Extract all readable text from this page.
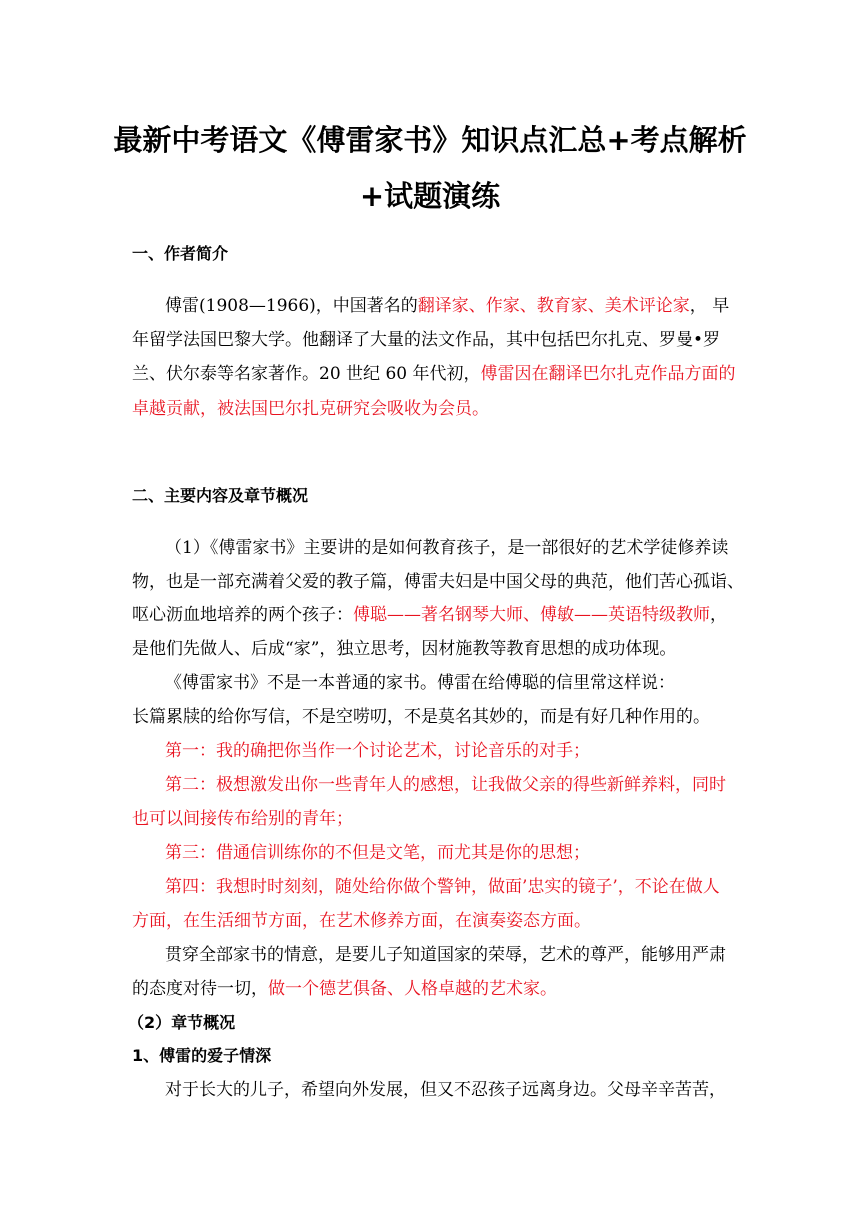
最新中考语文《傅雷家书》知识点汇总+考点解析+试题演练
一、作者简介
傅雷(1908—1966)，中国著名的翻译家、作家、教育家、美术评论家， 早
年留学法国巴黎大学。他翻译了大量的法文作品，其中包括巴尔扎克、罗曼•罗
兰、伏尔泰等名家著作。20 世纪 60 年代初，傅雷因在翻译巴尔扎克作品方面的
卓越贡献，被法国巴尔扎克研究会吸收为会员。
二、主要内容及章节概况
（1）《傅雷家书》主要讲的是如何教育孩子，是一部很好的艺术学徒修养读
物，也是一部充满着父爱的教子篇，傅雷夫妇是中国父母的典范，他们苦心孤诣、
呕心沥血地培养的两个孩子：傅聪——著名钢琴大师、傅敏——英语特级教师，
是他们先做人、后成“家”，独立思考，因材施教等教育思想的成功体现。
《傅雷家书》不是一本普通的家书。傅雷在给傅聪的信里常这样说：
长篇累牍的给你写信，不是空唠叨，不是莫名其妙的，而是有好几种作用的。
第一：我的确把你当作一个讨论艺术，讨论音乐的对手；
第二：极想激发出你一些青年人的感想，让我做父亲的得些新鲜养料，同时
也可以间接传布给别的青年；
第三：借通信训练你的不但是文笔，而尤其是你的思想；
第四：我想时时刻刻，随处给你做个警钟，做面’忠实的镜子’，不论在做人
方面，在生活细节方面，在艺术修养方面，在演奏姿态方面。
贯穿全部家书的情意，是要儿子知道国家的荣辱，艺术的尊严，能够用严肃
的态度对待一切，做一个德艺俱备、人格卓越的艺术家。
（2）章节概况
1、傅雷的爱子情深
对于长大的儿子，希望向外发展，但又不忍孩子远离身边。父母辛辛苦苦，
